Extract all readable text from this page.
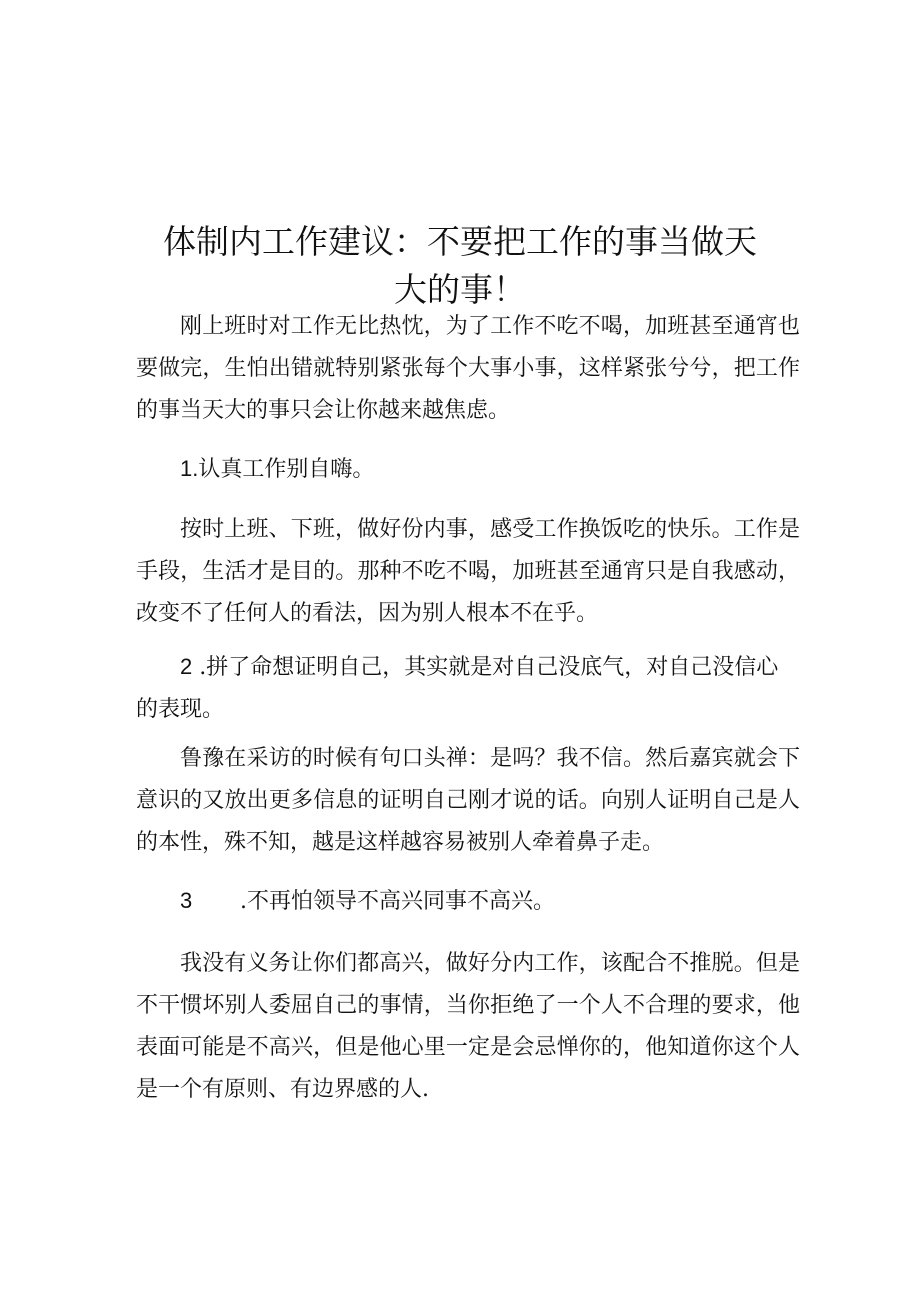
体制内工作建议：不要把工作的事当做天大的事！

刚上班时对工作无比热忱，为了工作不吃不喝，加班甚至通宵也要做完，生怕出错就特别紧张每个大事小事，这样紧张兮兮，把工作的事当天大的事只会让你越来越焦虑。

1.认真工作别自嗨。

按时上班、下班，做好份内事，感受工作换饭吃的快乐。工作是手段，生活才是目的。那种不吃不喝，加班甚至通宵只是自我感动，改变不了任何人的看法，因为别人根本不在乎。

2 .拼了命想证明自己，其实就是对自己没底气，对自己没信心的表现。

鲁豫在采访的时候有句口头禅：是吗？我不信。然后嘉宾就会下意识的又放出更多信息的证明自己刚才说的话。向别人证明自己是人的本性，殊不知，越是这样越容易被别人牵着鼻子走。

3 .不再怕领导不高兴同事不高兴。

我没有义务让你们都高兴，做好分内工作，该配合不推脱。但是不干惯坏别人委屈自己的事情，当你拒绝了一个人不合理的要求，他表面可能是不高兴，但是他心里一定是会忌惮你的，他知道你这个人是一个有原则、有边界感的人.
